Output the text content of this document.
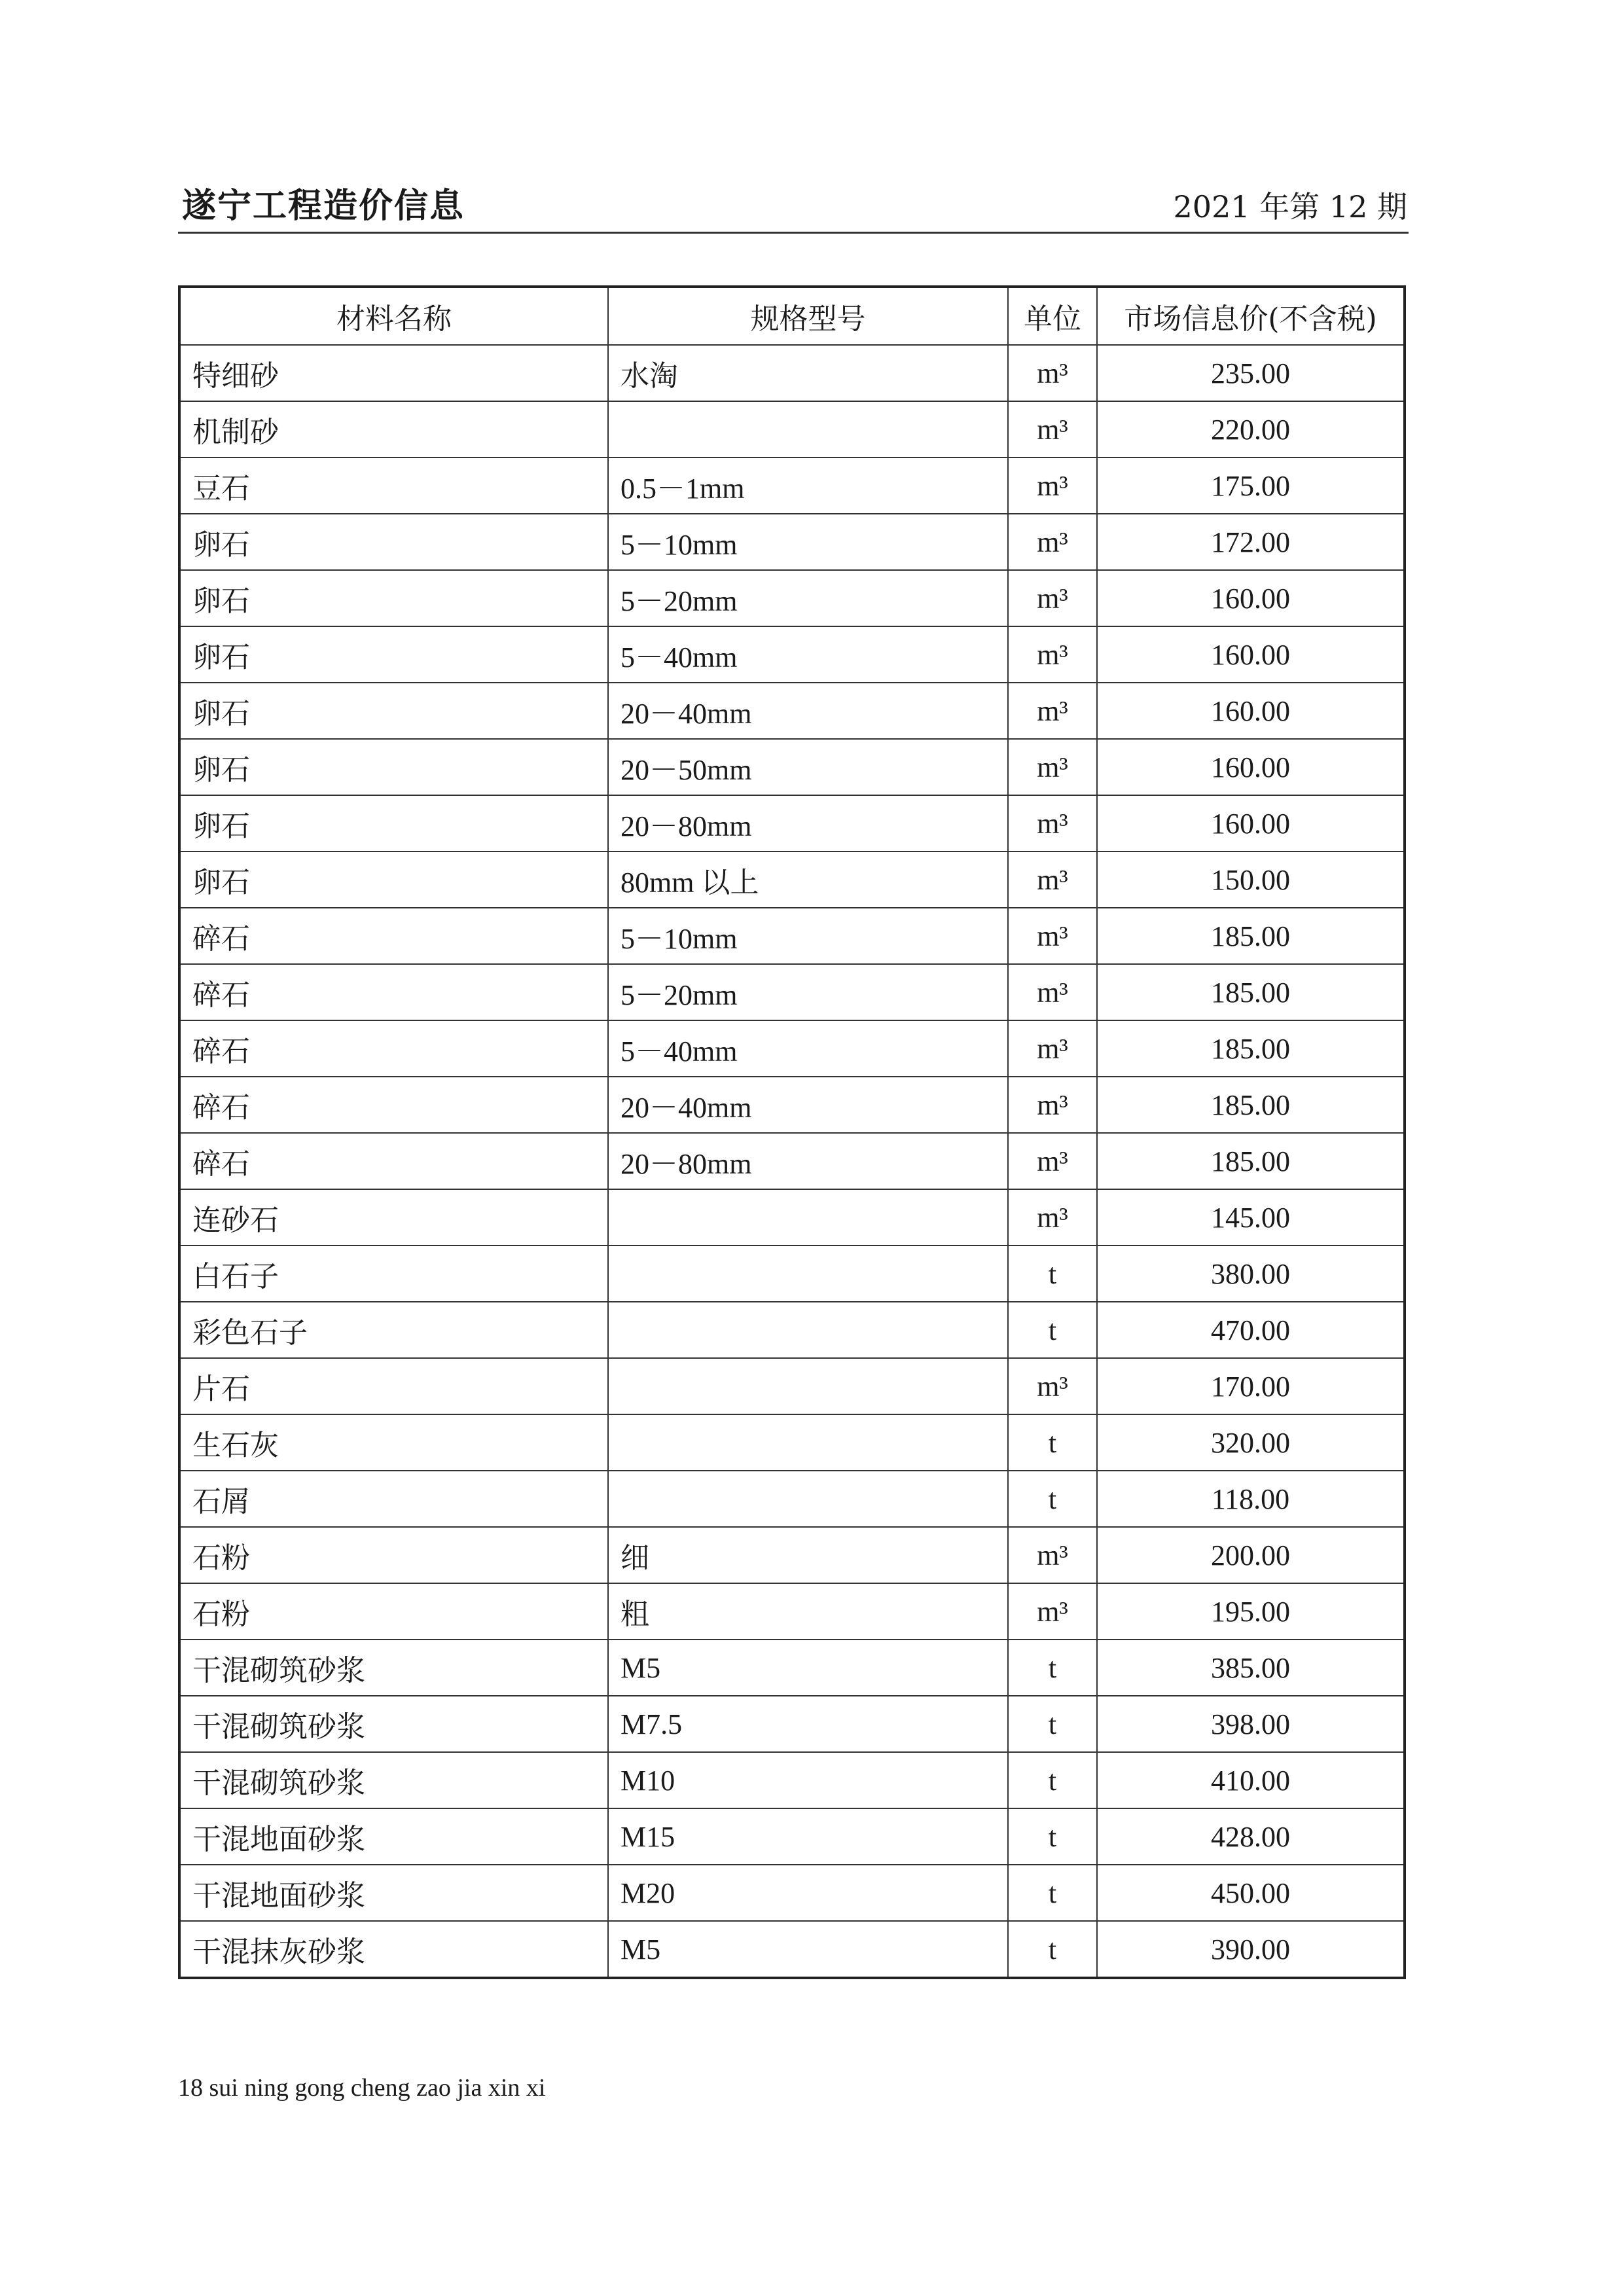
遂宁工程造价信息	2021 年第 12 期
材料名称	规格型号	单位	市场信息价(不含税)
特细砂	水淘	m³	235.00
机制砂		m³	220.00
豆石	0.5－1mm	m³	175.00
卵石	5－10mm	m³	172.00
卵石	5－20mm	m³	160.00
卵石	5－40mm	m³	160.00
卵石	20－40mm	m³	160.00
卵石	20－50mm	m³	160.00
卵石	20－80mm	m³	160.00
卵石	80mm 以上	m³	150.00
碎石	5－10mm	m³	185.00
碎石	5－20mm	m³	185.00
碎石	5－40mm	m³	185.00
碎石	20－40mm	m³	185.00
碎石	20－80mm	m³	185.00
连砂石		m³	145.00
白石子		t	380.00
彩色石子		t	470.00
片石		m³	170.00
生石灰		t	320.00
石屑		t	118.00
石粉	细	m³	200.00
石粉	粗	m³	195.00
干混砌筑砂浆	M5	t	385.00
干混砌筑砂浆	M7.5	t	398.00
干混砌筑砂浆	M10	t	410.00
干混地面砂浆	M15	t	428.00
干混地面砂浆	M20	t	450.00
干混抹灰砂浆	M5	t	390.00
18 sui ning gong cheng zao jia xin xi
